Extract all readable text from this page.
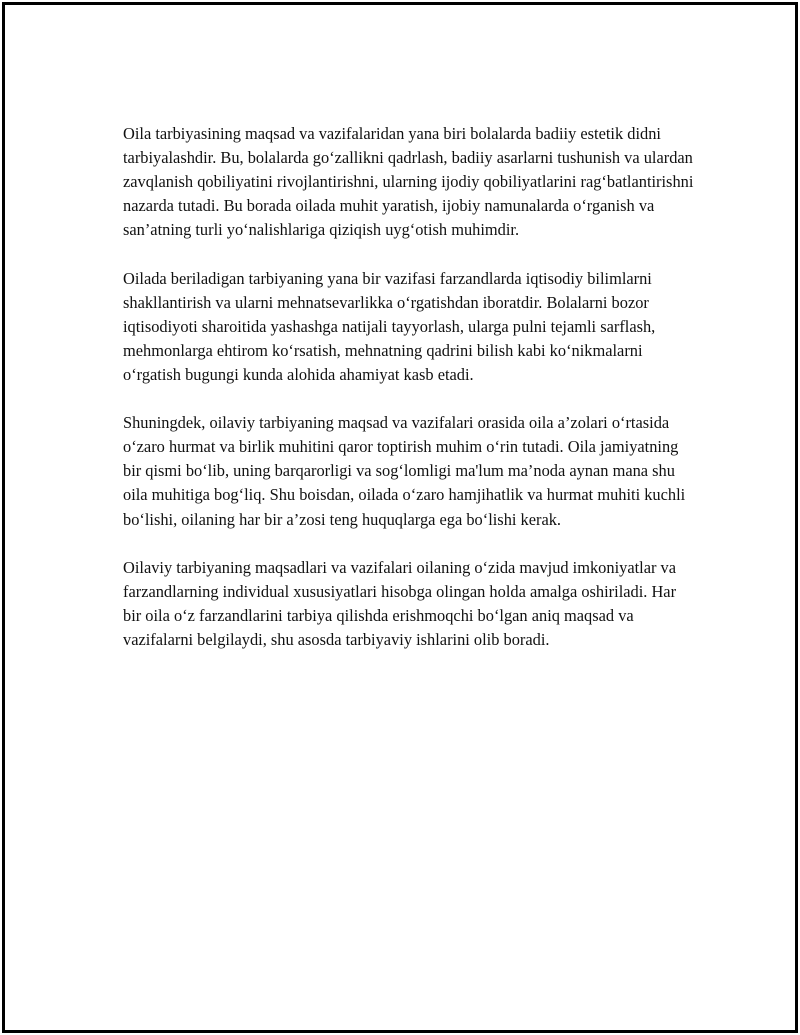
Oila tarbiyasining maqsad va vazifalaridan yana biri bolalarda badiiy estetik didni tarbiyalashdir. Bu, bolalarda go‘zallikni qadrlash, badiiy asarlarni tushunish va ulardan zavqlanish qobiliyatini rivojlantirishni, ularning ijodiy qobiliyatlarini rag‘batlantirishni nazarda tutadi. Bu borada oilada muhit yaratish, ijobiy namunalarda o‘rganish va san’atning turli yo‘nalishlariga qiziqish uyg‘otish muhimdir.

Oilada beriladigan tarbiyaning yana bir vazifasi farzandlarda iqtisodiy bilimlarni shakllantirish va ularni mehnatsevarlikka o‘rgatishdan iboratdir. Bolalarni bozor iqtisodiyoti sharoitida yashashga natijali tayyorlash, ularga pulni tejamli sarflash, mehmonlarga ehtirom ko‘rsatish, mehnatning qadrini bilish kabi ko‘nikmalarni o‘rgatish bugungi kunda alohida ahamiyat kasb etadi.

Shuningdek, oilaviy tarbiyaning maqsad va vazifalari orasida oila a’zolari o‘rtasida o‘zaro hurmat va birlik muhitini qaror toptirish muhim o‘rin tutadi. Oila jamiyatning bir qismi bo‘lib, uning barqarorligi va sog‘lomligi ma'lum ma’noda aynan mana shu oila muhitiga bog‘liq. Shu boisdan, oilada o‘zaro hamjihatlik va hurmat muhiti kuchli bo‘lishi, oilaning har bir a’zosi teng huquqlarga ega bo‘lishi kerak.

Oilaviy tarbiyaning maqsadlari va vazifalari oilaning o‘zida mavjud imkoniyatlar va farzandlarning individual xususiyatlari hisobga olingan holda amalga oshiriladi. Har bir oila o‘z farzandlarini tarbiya qilishda erishmoqchi bo‘lgan aniq maqsad va vazifalarni belgilaydi, shu asosda tarbiyaviy ishlarini olib boradi.
